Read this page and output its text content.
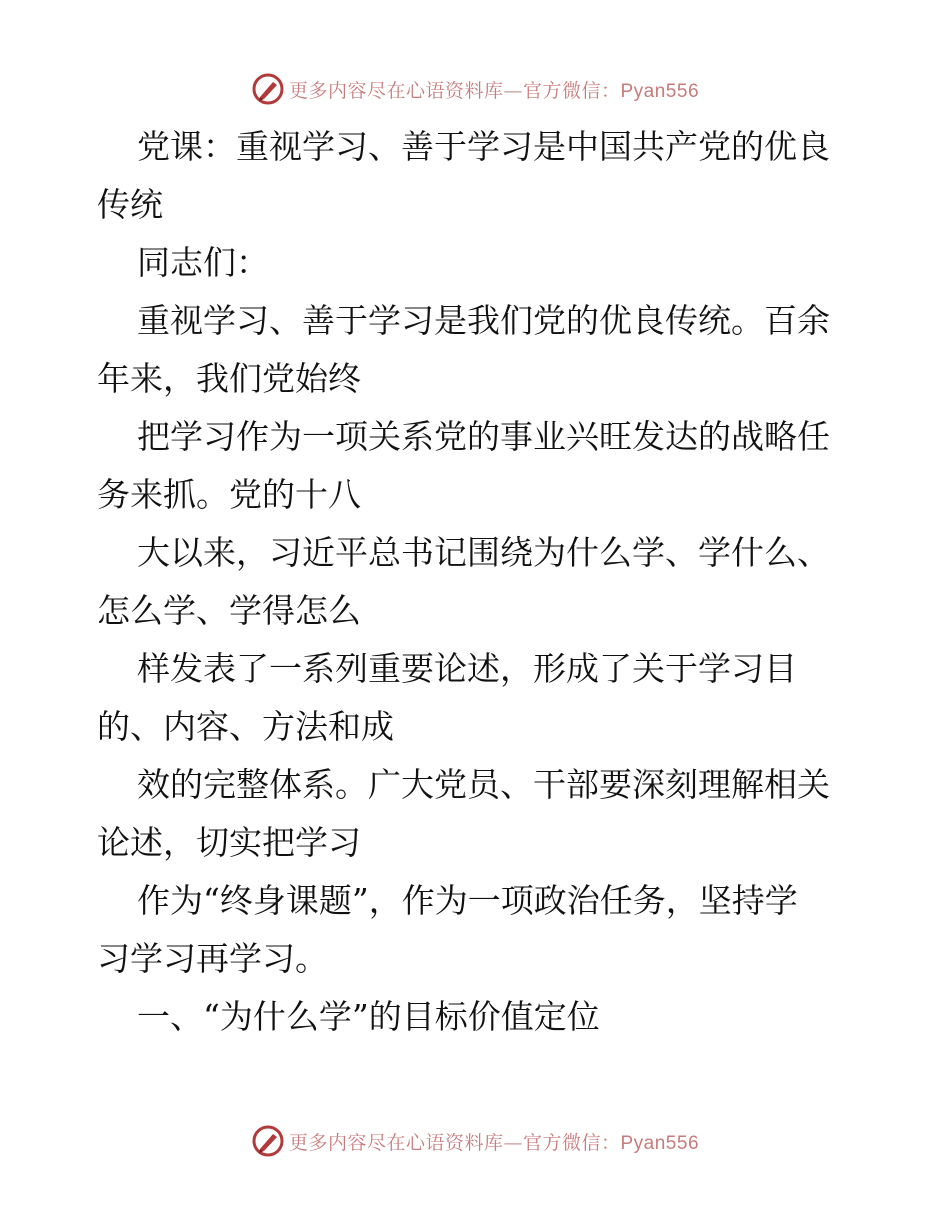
更多内容尽在心语资料库—官方微信：Pyan556
党课：重视学习、善于学习是中国共产党的优良
传统
同志们：
重视学习、善于学习是我们党的优良传统。百余
年来，我们党始终
把学习作为一项关系党的事业兴旺发达的战略任
务来抓。党的十八
大以来，习近平总书记围绕为什么学、学什么、
怎么学、学得怎么
样发表了一系列重要论述，形成了关于学习目
的、内容、方法和成
效的完整体系。广大党员、干部要深刻理解相关
论述，切实把学习
作为“终身课题”，作为一项政治任务，坚持学
习学习再学习。
一、“为什么学”的目标价值定位
更多内容尽在心语资料库—官方微信：Pyan556
